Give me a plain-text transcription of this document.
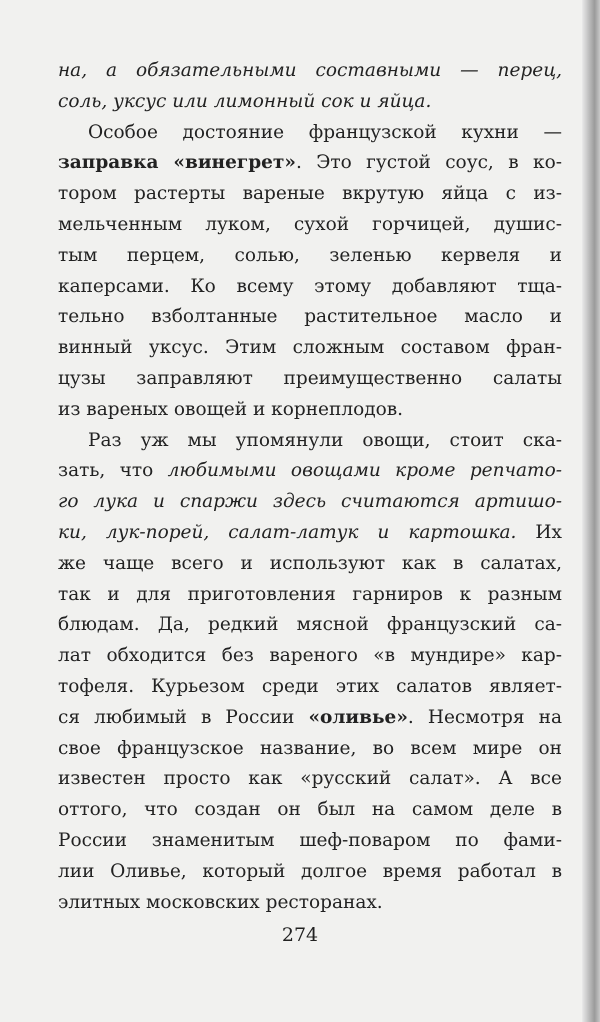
на, а обязательными составными — перец,
соль, уксус или лимонный сок и яйца.
Особое достояние французской кухни —
заправка «винегрет». Это густой соус, в ко-
тором растерты вареные вкрутую яйца с из-
мельченным луком, сухой горчицей, душис-
тым перцем, солью, зеленью кервеля и
каперсами. Ко всему этому добавляют тща-
тельно взболтанные растительное масло и
винный уксус. Этим сложным составом фран-
цузы заправляют преимущественно салаты
из вареных овощей и корнеплодов.
Раз уж мы упомянули овощи, стоит ска-
зать, что любимыми овощами кроме репчато-
го лука и спаржи здесь считаются артишо-
ки, лук-порей, салат-латук и картошка. Их
же чаще всего и используют как в салатах,
так и для приготовления гарниров к разным
блюдам. Да, редкий мясной французский са-
лат обходится без вареного «в мундире» кар-
тофеля. Курьезом среди этих салатов являет-
ся любимый в России «оливье». Несмотря на
свое французское название, во всем мире он
известен просто как «русский салат». А все
оттого, что создан он был на самом деле в
России знаменитым шеф-поваром по фами-
лии Оливье, который долгое время работал в
элитных московских ресторанах.
274
